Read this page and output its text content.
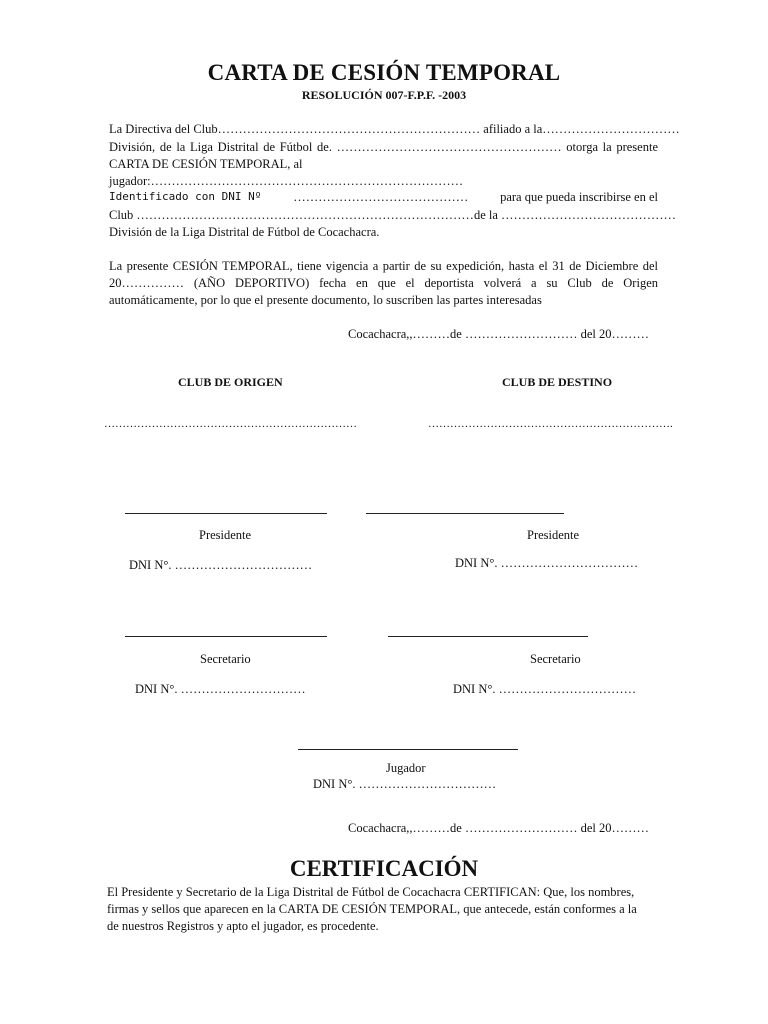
CARTA DE CESIÓN TEMPORAL
RESOLUCIÓN 007-F.P.F. -2003
La Directiva del Club……………………………………………………… afiliado a la……………………………
División, de la Liga Distrital de Fútbol de. ……………………………………………… otorga la presente
CARTA DE CESIÓN TEMPORAL, al
jugador:…………………………………………………………………
Identificado con DNI Nº	……………………………………	para que pueda inscribirse en el
Club ……………………………………………………………………… de la ……………………………………
División de la Liga Distrital de Fútbol de Cocachacra.
La presente CESIÓN TEMPORAL, tiene vigencia a partir de su expedición, hasta el 31 de Diciembre del
20…………… (AÑO DEPORTIVO) fecha en que el deportista volverá a su Club de Origen
automáticamente, por lo que el presente documento, lo suscriben las partes interesadas
Cocachacra,,………de ……………………… del 20………
CLUB DE ORIGEN	CLUB DE DESTINO
……………………………………………………………	………………………………………………………….
Presidente	Presidente
DNI N°. ……………………………	DNI N°. ……………………………
Secretario	Secretario
DNI N°. …………………………	DNI N°. ……………………………
Jugador
DNI N°. ……………………………
Cocachacra,,………de ……………………… del 20………
CERTIFICACIÓN
El Presidente y Secretario de la Liga Distrital de Fútbol de Cocachacra CERTIFICAN: Que, los nombres,
firmas y sellos que aparecen en la CARTA DE CESIÓN TEMPORAL, que antecede, están conformes a la
de nuestros Registros y apto el jugador, es procedente.
